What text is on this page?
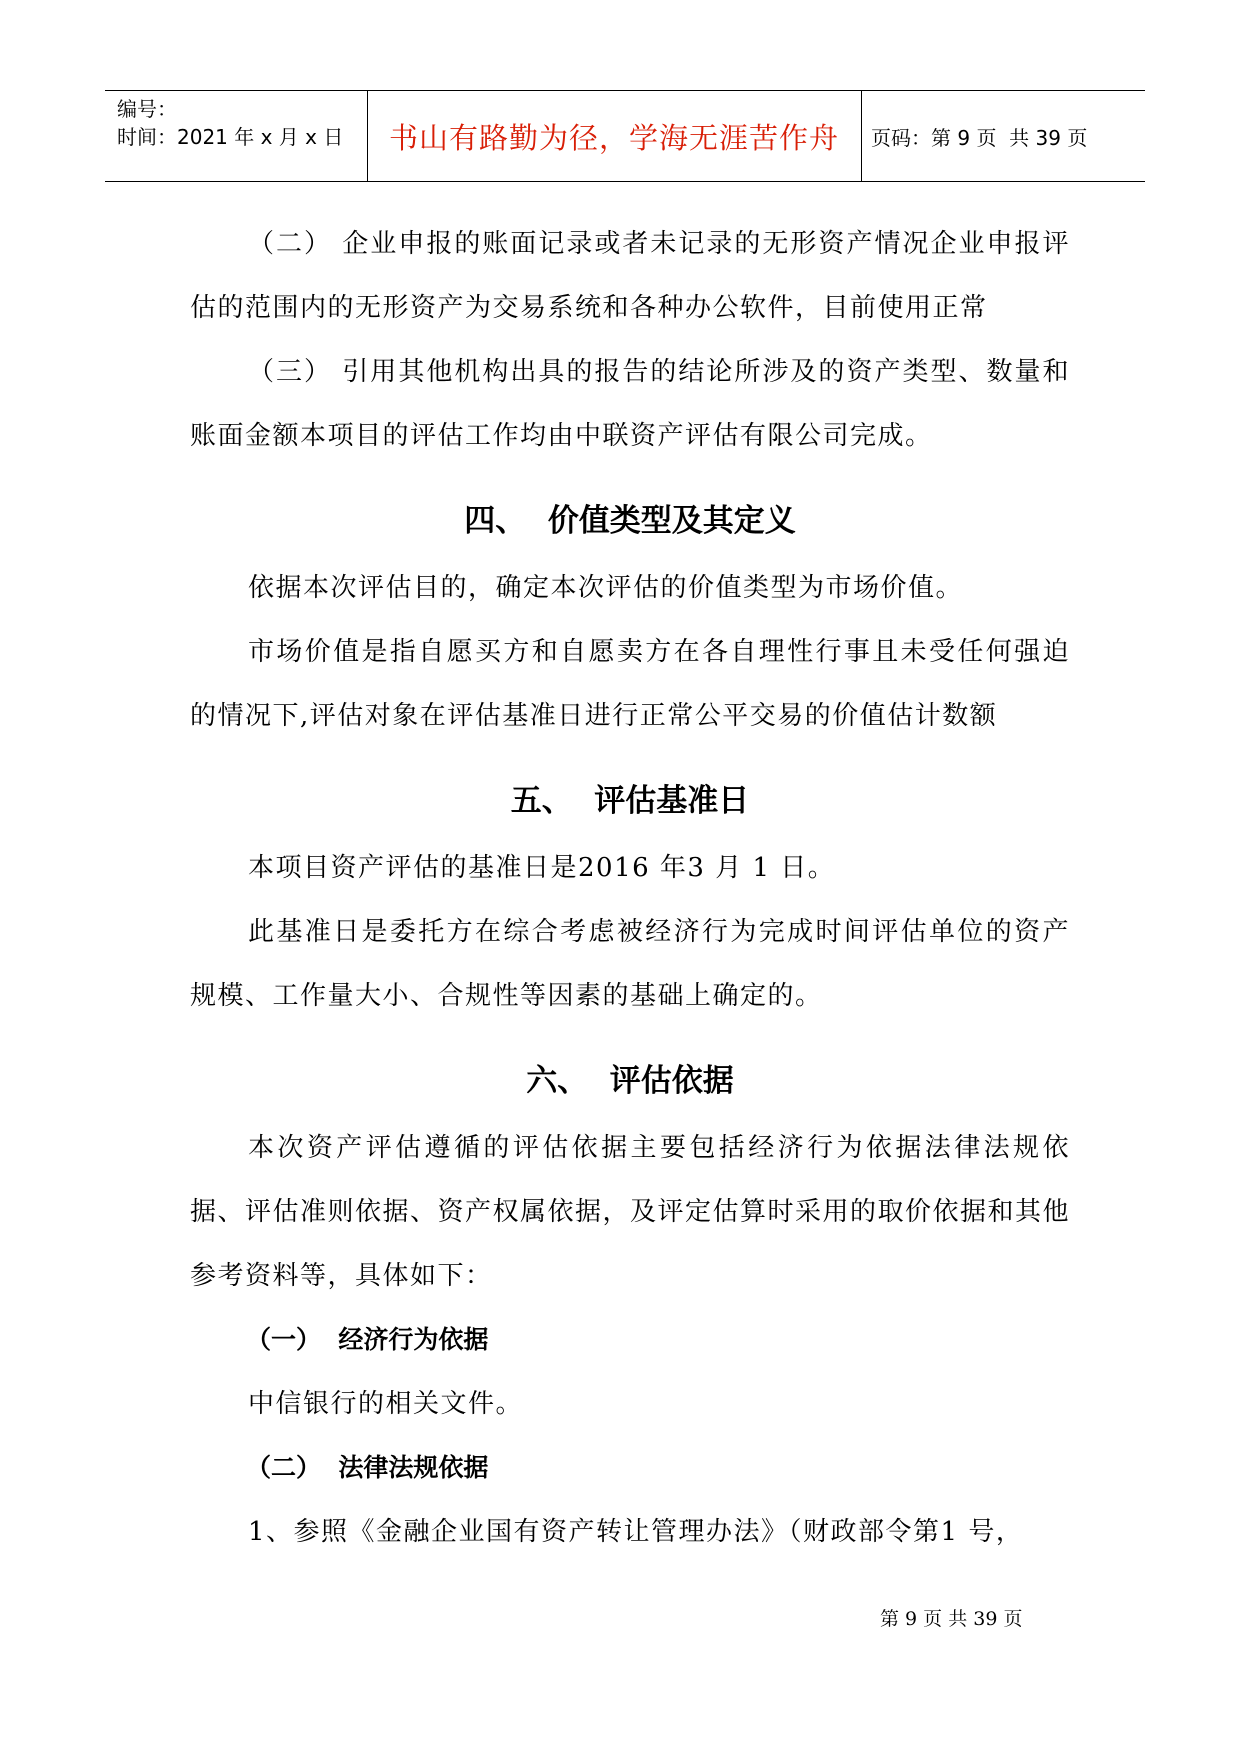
编号：
时间：2021 年 x 月 x 日	书山有路勤为径，学海无涯苦作舟	页码：第 9 页  共 39 页

（二） 企业申报的账面记录或者未记录的无形资产情况企业申报评估的范围内的无形资产为交易系统和各种办公软件，目前使用正常

（三） 引用其他机构出具的报告的结论所涉及的资产类型、数量和账面金额本项目的评估工作均由中联资产评估有限公司完成。

四、  价值类型及其定义

依据本次评估目的，确定本次评估的价值类型为市场价值。

市场价值是指自愿买方和自愿卖方在各自理性行事且未受任何强迫的情况下,评估对象在评估基准日进行正常公平交易的价值估计数额

五、  评估基准日

本项目资产评估的基准日是2016 年3 月 1 日。

此基准日是委托方在综合考虑被经济行为完成时间评估单位的资产规模、工作量大小、合规性等因素的基础上确定的。

六、  评估依据

本次资产评估遵循的评估依据主要包括经济行为依据法律法规依据、评估准则依据、资产权属依据，及评定估算时采用的取价依据和其他参考资料等，具体如下：

（一）  经济行为依据

中信银行的相关文件。

（二）  法律法规依据

1、参照《金融企业国有资产转让管理办法》（财政部令第1 号，

第 9 页 共 39 页
